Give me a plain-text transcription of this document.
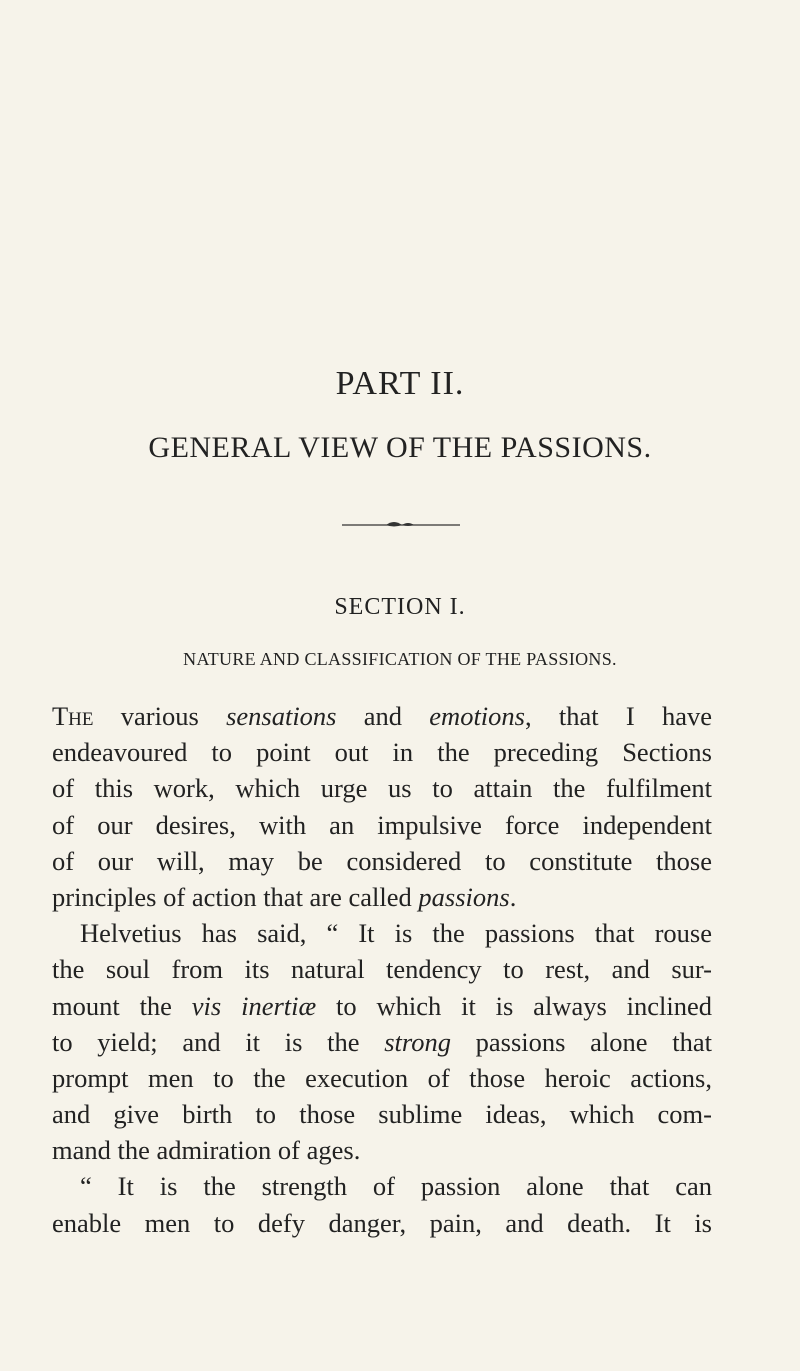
PART II.
GENERAL VIEW OF THE PASSIONS.
SECTION I.
NATURE AND CLASSIFICATION OF THE PASSIONS.
The various sensations and emotions, that I have
endeavoured to point out in the preceding Sections
of this work, which urge us to attain the fulfilment
of our desires, with an impulsive force independent
of our will, may be considered to constitute those
principles of action that are called passions.
Helvetius has said, “ It is the passions that rouse
the soul from its natural tendency to rest, and sur-
mount the vis inertiæ to which it is always inclined
to yield; and it is the strong passions alone that
prompt men to the execution of those heroic actions,
and give birth to those sublime ideas, which com-
mand the admiration of ages.
“ It is the strength of passion alone that can
enable men to defy danger, pain, and death. It is
